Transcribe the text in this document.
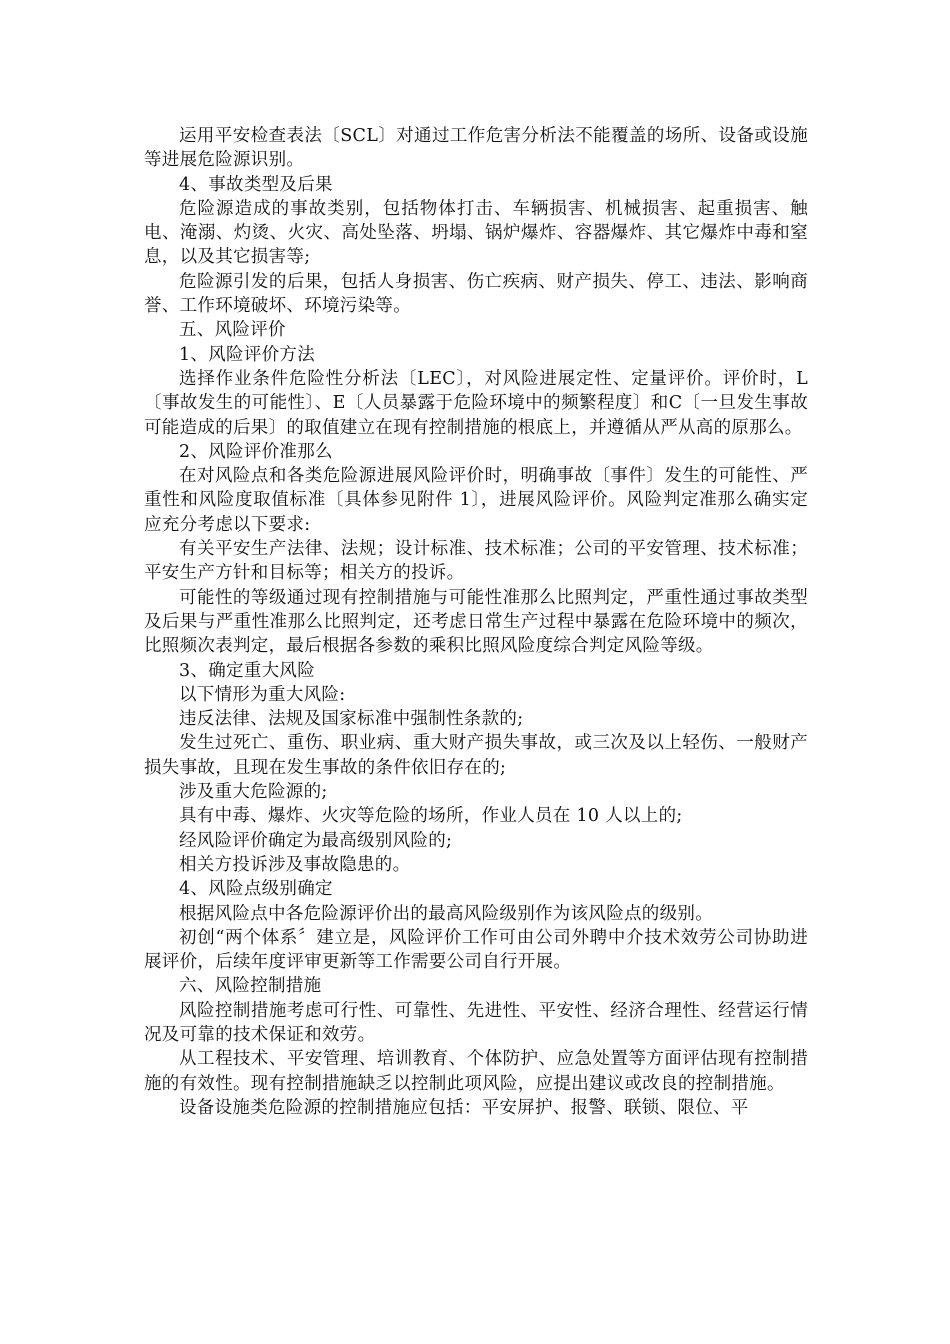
运用平安检查表法〔SCL〕对通过工作危害分析法不能覆盖的场所、设备或设施等进展危险源识别。

4、事故类型及后果

危险源造成的事故类别，包括物体打击、车辆损害、机械损害、起重损害、触电、淹溺、灼烫、火灾、高处坠落、坍塌、锅炉爆炸、容器爆炸、其它爆炸中毒和窒息，以及其它损害等;

危险源引发的后果，包括人身损害、伤亡疾病、财产损失、停工、违法、影响商誉、工作环境破坏、环境污染等。

五、风险评价

1、风险评价方法

选择作业条件危险性分析法〔LEC〕，对风险进展定性、定量评价。评价时，L〔事故发生的可能性〕、E〔人员暴露于危险环境中的频繁程度〕和C〔一旦发生事故可能造成的后果〕的取值建立在现有控制措施的根底上，并遵循从严从高的原那么。

2、风险评价准那么

在对风险点和各类危险源进展风险评价时，明确事故〔事件〕发生的可能性、严重性和风险度取值标准〔具体参见附件 1〕，进展风险评价。风险判定准那么确实定应充分考虑以下要求:

有关平安生产法律、法规；设计标准、技术标准；公司的平安管理、技术标准；平安生产方针和目标等；相关方的投诉。

可能性的等级通过现有控制措施与可能性准那么比照判定，严重性通过事故类型及后果与严重性准那么比照判定，还考虑日常生产过程中暴露在危险环境中的频次，比照频次表判定，最后根据各参数的乘积比照风险度综合判定风险等级。

3、确定重大风险

以下情形为重大风险:

违反法律、法规及国家标准中强制性条款的;

发生过死亡、重伤、职业病、重大财产损失事故，或三次及以上轻伤、一般财产损失事故，且现在发生事故的条件依旧存在的;

涉及重大危险源的;

具有中毒、爆炸、火灾等危险的场所，作业人员在 10 人以上的;

经风险评价确定为最高级别风险的;

相关方投诉涉及事故隐患的。

4、风险点级别确定

根据风险点中各危险源评价出的最高风险级别作为该风险点的级别。

初创“两个体系〞建立是，风险评价工作可由公司外聘中介技术效劳公司协助进展评价，后续年度评审更新等工作需要公司自行开展。

六、风险控制措施

风险控制措施考虑可行性、可靠性、先进性、平安性、经济合理性、经营运行情况及可靠的技术保证和效劳。

从工程技术、平安管理、培训教育、个体防护、应急处置等方面评估现有控制措施的有效性。现有控制措施缺乏以控制此项风险，应提出建议或改良的控制措施。

设备设施类危险源的控制措施应包括：平安屏护、报警、联锁、限位、平
